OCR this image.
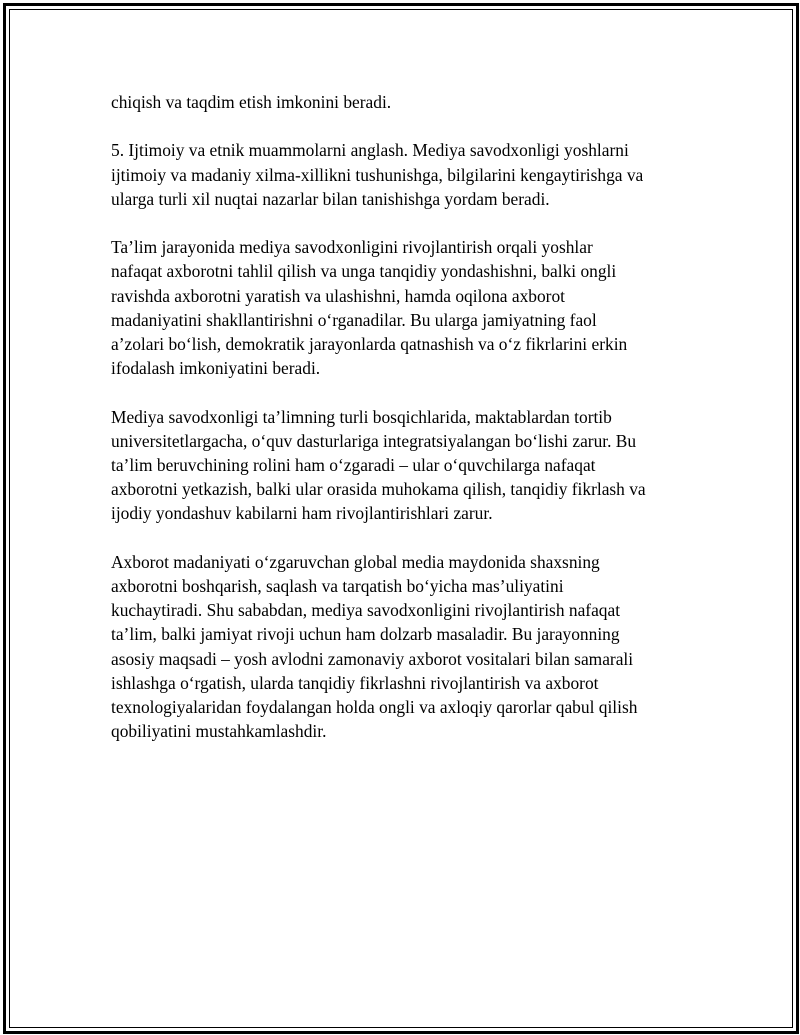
chiqish va taqdim etish imkonini beradi.

5. Ijtimoiy va etnik muammolarni anglash. Mediya savodxonligi yoshlarni
ijtimoiy va madaniy xilma-xillikni tushunishga, bilgilarini kengaytirishga va
ularga turli xil nuqtai nazarlar bilan tanishishga yordam beradi.

Ta’lim jarayonida mediya savodxonligini rivojlantirish orqali yoshlar
nafaqat axborotni tahlil qilish va unga tanqidiy yondashishni, balki ongli
ravishda axborotni yaratish va ulashishni, hamda oqilona axborot
madaniyatini shakllantirishni o‘rganadilar. Bu ularga jamiyatning faol
a’zolari bo‘lish, demokratik jarayonlarda qatnashish va o‘z fikrlarini erkin
ifodalash imkoniyatini beradi.

Mediya savodxonligi ta’limning turli bosqichlarida, maktablardan tortib
universitetlargacha, o‘quv dasturlariga integratsiyalangan bo‘lishi zarur. Bu
ta’lim beruvchining rolini ham o‘zgaradi – ular o‘quvchilarga nafaqat
axborotni yetkazish, balki ular orasida muhokama qilish, tanqidiy fikrlash va
ijodiy yondashuv kabilarni ham rivojlantirishlari zarur.

Axborot madaniyati o‘zgaruvchan global media maydonida shaxsning
axborotni boshqarish, saqlash va tarqatish bo‘yicha mas’uliyatini
kuchaytiradi. Shu sababdan, mediya savodxonligini rivojlantirish nafaqat
ta’lim, balki jamiyat rivoji uchun ham dolzarb masaladir. Bu jarayonning
asosiy maqsadi – yosh avlodni zamonaviy axborot vositalari bilan samarali
ishlashga o‘rgatish, ularda tanqidiy fikrlashni rivojlantirish va axborot
texnologiyalaridan foydalangan holda ongli va axloqiy qarorlar qabul qilish
qobiliyatini mustahkamlashdir.
